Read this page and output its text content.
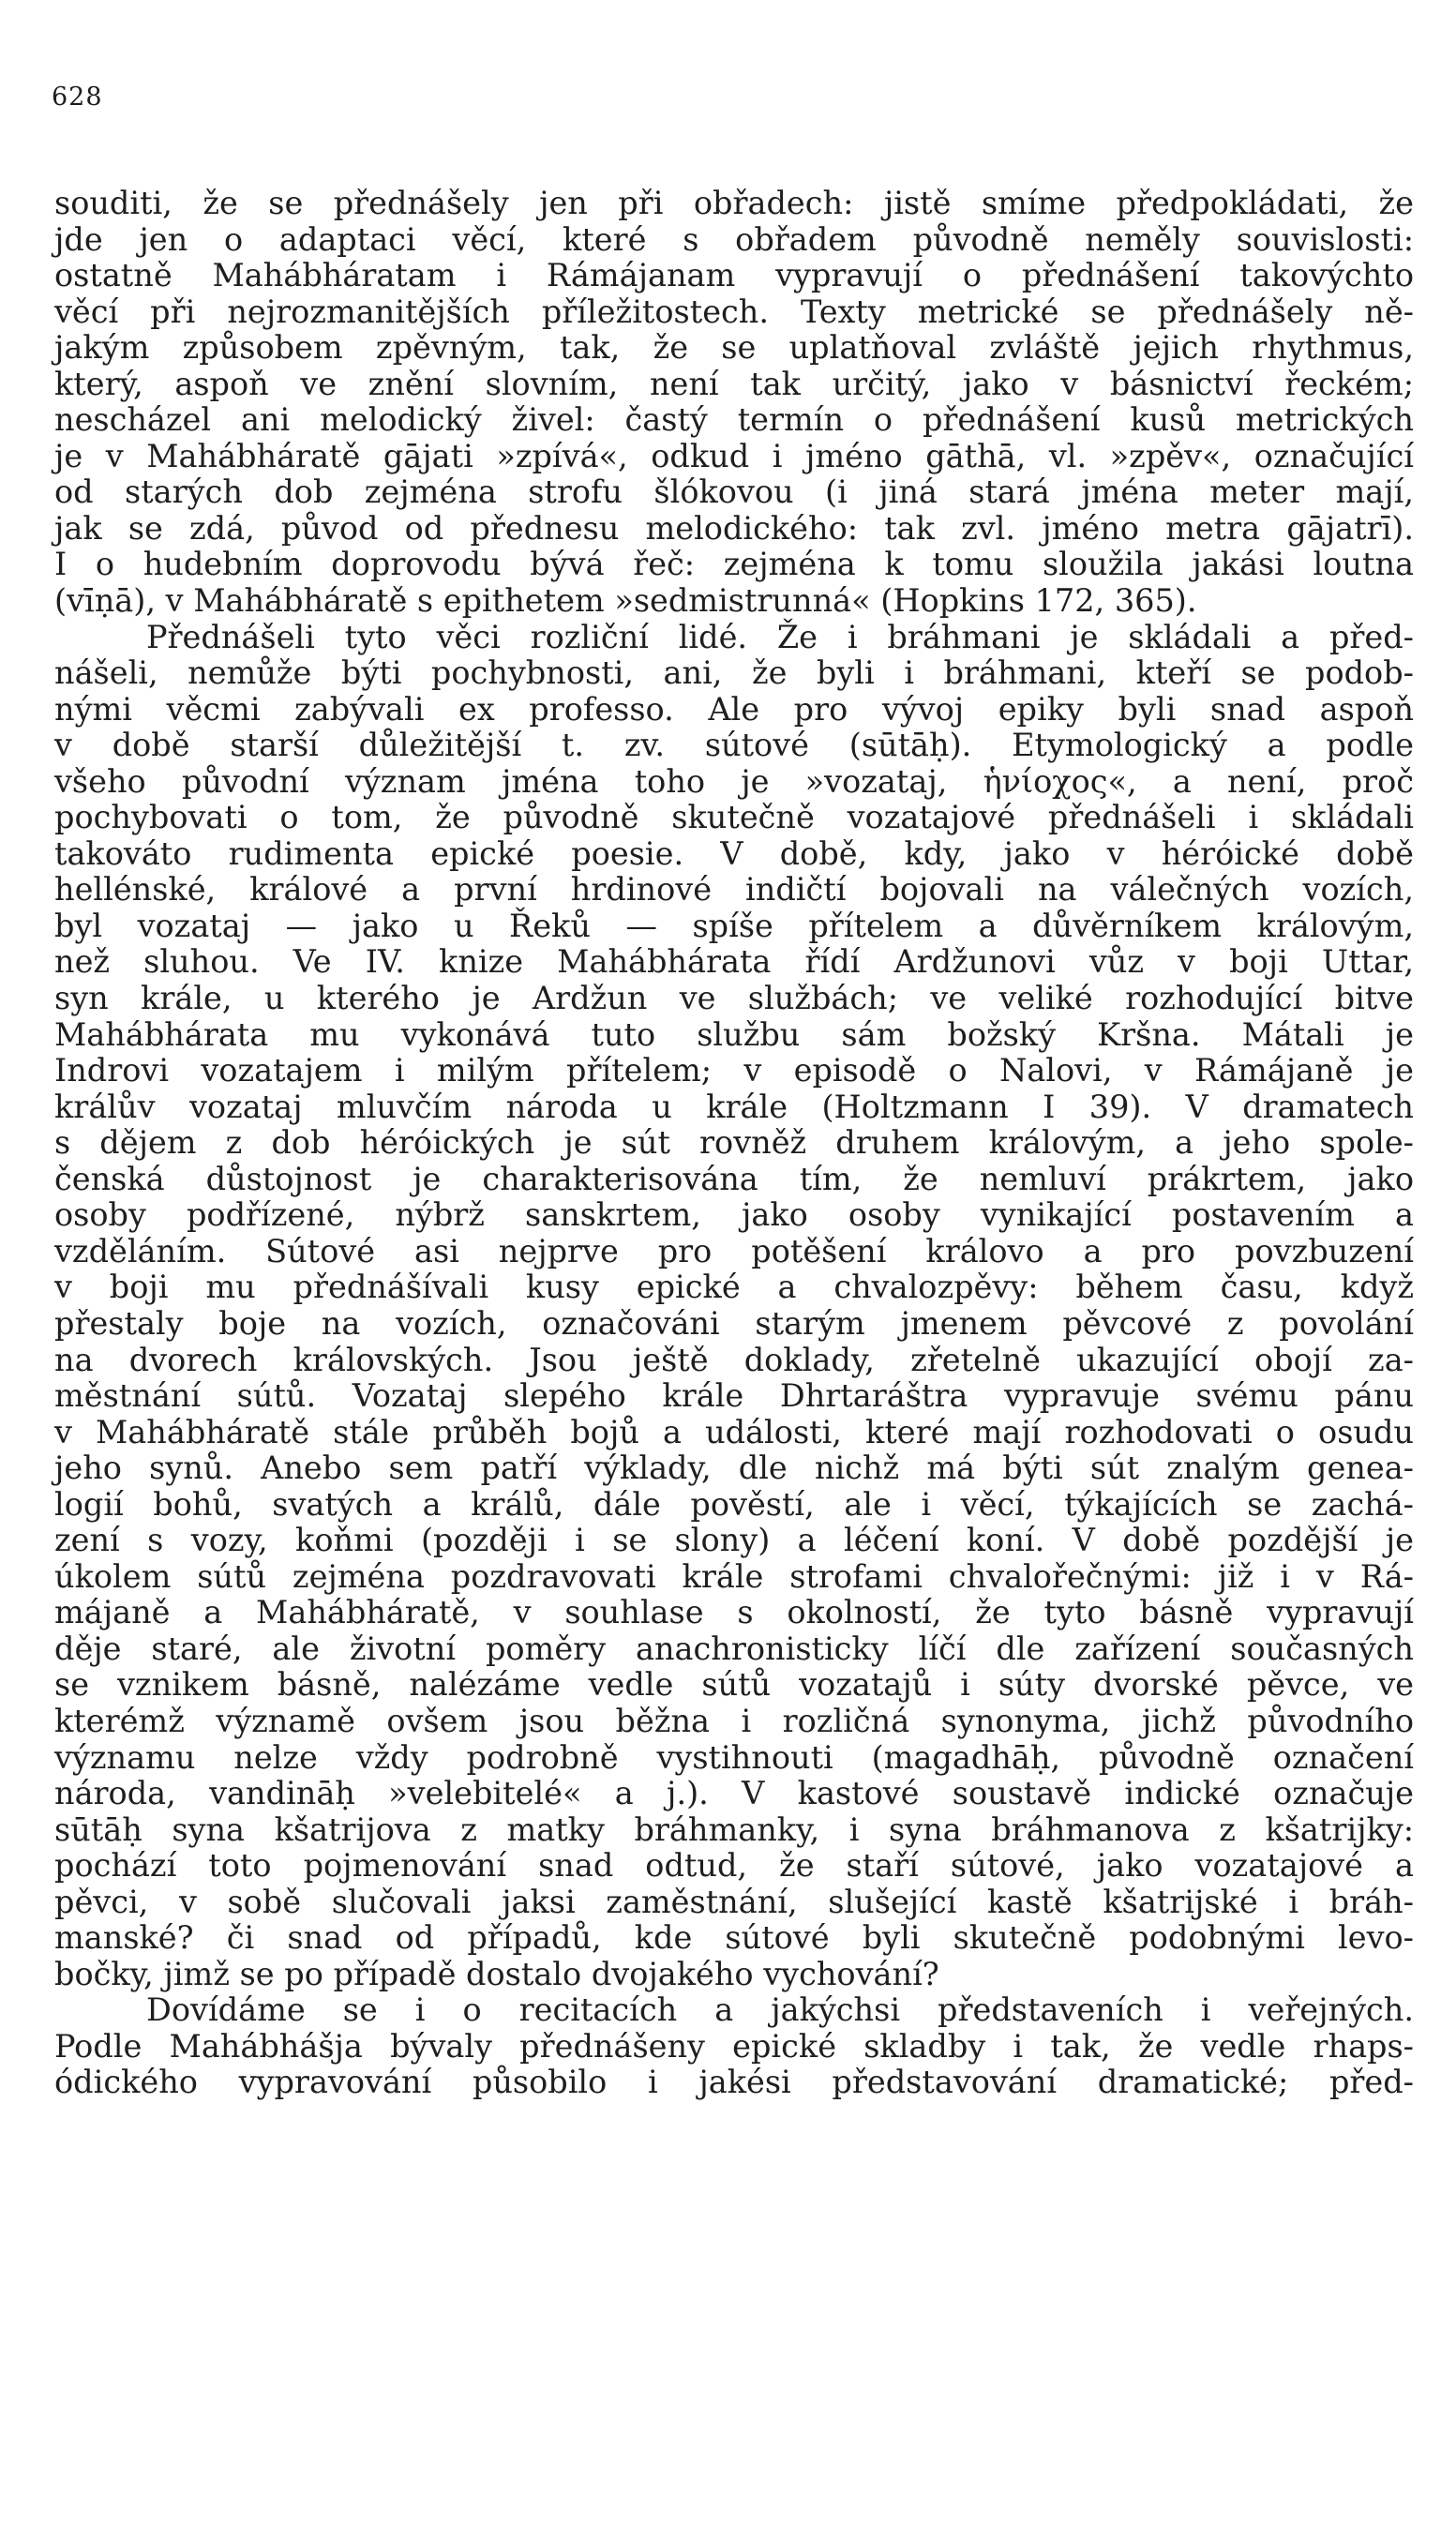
628
souditi, že se přednášely jen při obřadech: jistě smíme předpokládati, že
jde jen o adaptaci věcí, které s obřadem původně neměly souvislosti:
ostatně Mahábháratam i Rámájanam vypravují o přednášení takovýchto
věcí při nejrozmanitějších příležitostech. Texty metrické se přednášely ně-
jakým způsobem zpěvným, tak, že se uplatňoval zvláště jejich rhythmus,
který, aspoň ve znění slovním, není tak určitý, jako v básnictví řeckém;
nescházel ani melodický živel: častý termín o přednášení kusů metrických
je v Mahábháratě gājati »zpívá«, odkud i jméno gāthā, vl. »zpěv«, označující
od starých dob zejména strofu šlókovou (i jiná stará jména meter mají,
jak se zdá, původ od přednesu melodického: tak zvl. jméno metra gājatrī).
I o hudebním doprovodu bývá řeč: zejména k tomu sloužila jakási loutna
(vīṇā), v Mahábháratě s epithetem »sedmistrunná« (Hopkins 172, 365).
Přednášeli tyto věci rozliční lidé. Že i bráhmani je skládali a před-
nášeli, nemůže býti pochybnosti, ani, že byli i bráhmani, kteří se podob-
nými věcmi zabývali ex professo. Ale pro vývoj epiky byli snad aspoň
v době starší důležitější t. zv. sútové (sūtāḥ). Etymologický a podle
všeho původní význam jména toho je »vozataj, ἡνίοχος«, a není, proč
pochybovati o tom, že původně skutečně vozatajové přednášeli i skládali
takováto rudimenta epické poesie. V době, kdy, jako v héróické době
hellénské, králové a první hrdinové indičtí bojovali na válečných vozích,
byl vozataj — jako u Řeků — spíše přítelem a důvěrníkem královým,
než sluhou. Ve IV. knize Mahábhárata řídí Ardžunovi vůz v boji Uttar,
syn krále, u kterého je Ardžun ve službách; ve veliké rozhodující bitve
Mahábhárata mu vykonává tuto službu sám božský Kršna. Mátali je
Indrovi vozatajem i milým přítelem; v episodě o Nalovi, v Rámájaně je
králův vozataj mluvčím národa u krále (Holtzmann I 39). V dramatech
s dějem z dob héróických je sút rovněž druhem královým, a jeho spole-
čenská důstojnost je charakterisována tím, že nemluví prákrtem, jako
osoby podřízené, nýbrž sanskrtem, jako osoby vynikající postavením a
vzděláním. Sútové asi nejprve pro potěšení královo a pro povzbuzení
v boji mu přednášívali kusy epické a chvalozpěvy: během času, když
přestaly boje na vozích, označováni starým jmenem pěvcové z povolání
na dvorech královských. Jsou ještě doklady, zřetelně ukazující obojí za-
městnání sútů. Vozataj slepého krále Dhrtaráštra vypravuje svému pánu
v Mahábháratě stále průběh bojů a události, které mají rozhodovati o osudu
jeho synů. Anebo sem patří výklady, dle nichž má býti sút znalým genea-
logií bohů, svatých a králů, dále pověstí, ale i věcí, týkajících se zachá-
zení s vozy, koňmi (později i se slony) a léčení koní. V době pozdější je
úkolem sútů zejména pozdravovati krále strofami chvalořečnými: již i v Rá-
májaně a Mahábháratě, v souhlase s okolností, že tyto básně vypravují
děje staré, ale životní poměry anachronisticky líčí dle zařízení současných
se vznikem básně, nalézáme vedle sútů vozatajů i súty dvorské pěvce, ve
kterémž významě ovšem jsou běžna i rozličná synonyma, jichž původního
významu nelze vždy podrobně vystihnouti (magadhāḥ, původně označení
národa, vandināḥ »velebitelé« a j.). V kastové soustavě indické označuje
sūtāḥ syna kšatrijova z matky bráhmanky, i syna bráhmanova z kšatrijky:
pochází toto pojmenování snad odtud, že staří sútové, jako vozatajové a
pěvci, v sobě slučovali jaksi zaměstnání, slušející kastě kšatrijské i bráh-
manské? či snad od případů, kde sútové byli skutečně podobnými levo-
bočky, jimž se po případě dostalo dvojakého vychování?
Dovídáme se i o recitacích a jakýchsi představeních i veřejných.
Podle Mahábhášja bývaly přednášeny epické skladby i tak, že vedle rhaps-
ódického vypravování působilo i jakési představování dramatické; před-
